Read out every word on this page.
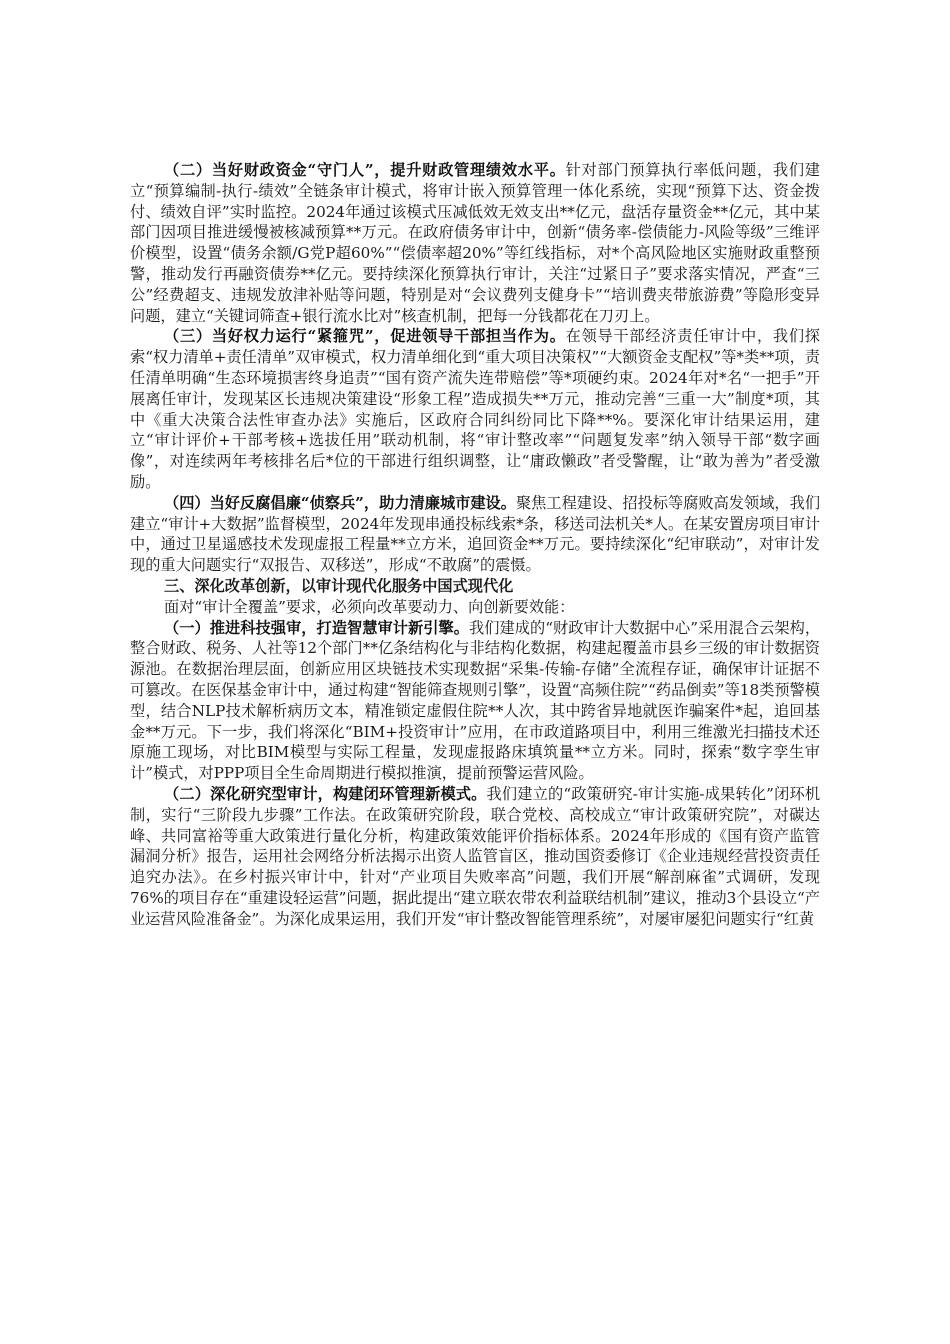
（二）当好财政资金“守门人”，提升财政管理绩效水平。针对部门预算执行率低问题，我们建立“预算编制-执行-绩效”全链条审计模式，将审计嵌入预算管理一体化系统，实现“预算下达、资金拨付、绩效自评”实时监控。2024年通过该模式压减低效无效支出**亿元，盘活存量资金**亿元，其中某部门因项目推进缓慢被核减预算**万元。在政府债务审计中，创新“债务率-偿债能力-风险等级”三维评价模型，设置“债务余额/G党P超60%”“偿债率超20%”等红线指标，对*个高风险地区实施财政重整预警，推动发行再融资债券**亿元。要持续深化预算执行审计，关注“过紧日子”要求落实情况，严查“三公”经费超支、违规发放津补贴等问题，特别是对“会议费列支健身卡”“培训费夹带旅游费”等隐形变异问题，建立“关键词筛查+银行流水比对”核查机制，把每一分钱都花在刀刃上。

（三）当好权力运行“紧箍咒”，促进领导干部担当作为。在领导干部经济责任审计中，我们探索“权力清单+责任清单”双审模式，权力清单细化到“重大项目决策权”“大额资金支配权”等*类**项，责任清单明确“生态环境损害终身追责”“国有资产流失连带赔偿”等*项硬约束。2024年对*名“一把手”开展离任审计，发现某区长违规决策建设“形象工程”造成损失**万元，推动完善“三重一大”制度*项，其中《重大决策合法性审查办法》实施后，区政府合同纠纷同比下降**%。要深化审计结果运用，建立“审计评价+干部考核+选拔任用”联动机制，将“审计整改率”“问题复发率”纳入领导干部“数字画像”，对连续两年考核排名后*位的干部进行组织调整，让“庸政懒政”者受警醒，让“敢为善为”者受激励。

（四）当好反腐倡廉“侦察兵”，助力清廉城市建设。聚焦工程建设、招投标等腐败高发领域，我们建立“审计+大数据”监督模型，2024年发现串通投标线索*条，移送司法机关*人。在某安置房项目审计中，通过卫星遥感技术发现虚报工程量**立方米，追回资金**万元。要持续深化“纪审联动”，对审计发现的重大问题实行“双报告、双移送”，形成“不敢腐”的震慑。

三、深化改革创新，以审计现代化服务中国式现代化

面对“审计全覆盖”要求，必须向改革要动力、向创新要效能：

（一）推进科技强审，打造智慧审计新引擎。我们建成的“财政审计大数据中心”采用混合云架构，整合财政、税务、人社等12个部门**亿条结构化与非结构化数据，构建起覆盖市县乡三级的审计数据资源池。在数据治理层面，创新应用区块链技术实现数据“采集-传输-存储”全流程存证，确保审计证据不可篡改。在医保基金审计中，通过构建“智能筛查规则引擎”，设置“高频住院”“药品倒卖”等18类预警模型，结合NLP技术解析病历文本，精准锁定虚假住院**人次，其中跨省异地就医诈骗案件*起，追回基金**万元。下一步，我们将深化“BIM+投资审计”应用，在市政道路项目中，利用三维激光扫描技术还原施工现场，对比BIM模型与实际工程量，发现虚报路床填筑量**立方米。同时，探索“数字孪生审计”模式，对PPP项目全生命周期进行模拟推演，提前预警运营风险。

（二）深化研究型审计，构建闭环管理新模式。我们建立的“政策研究-审计实施-成果转化”闭环机制，实行“三阶段九步骤”工作法。在政策研究阶段，联合党校、高校成立“审计政策研究院”，对碳达峰、共同富裕等重大政策进行量化分析，构建政策效能评价指标体系。2024年形成的《国有资产监管漏洞分析》报告，运用社会网络分析法揭示出资人监管盲区，推动国资委修订《企业违规经营投资责任追究办法》。在乡村振兴审计中，针对“产业项目失败率高”问题，我们开展“解剖麻雀”式调研，发现76%的项目存在“重建设轻运营”问题，据此提出“建立联农带农利益联结机制”建议，推动3个县设立“产业运营风险准备金”。为深化成果运用，我们开发“审计整改智能管理系统”，对屡审屡犯问题实行“红黄
